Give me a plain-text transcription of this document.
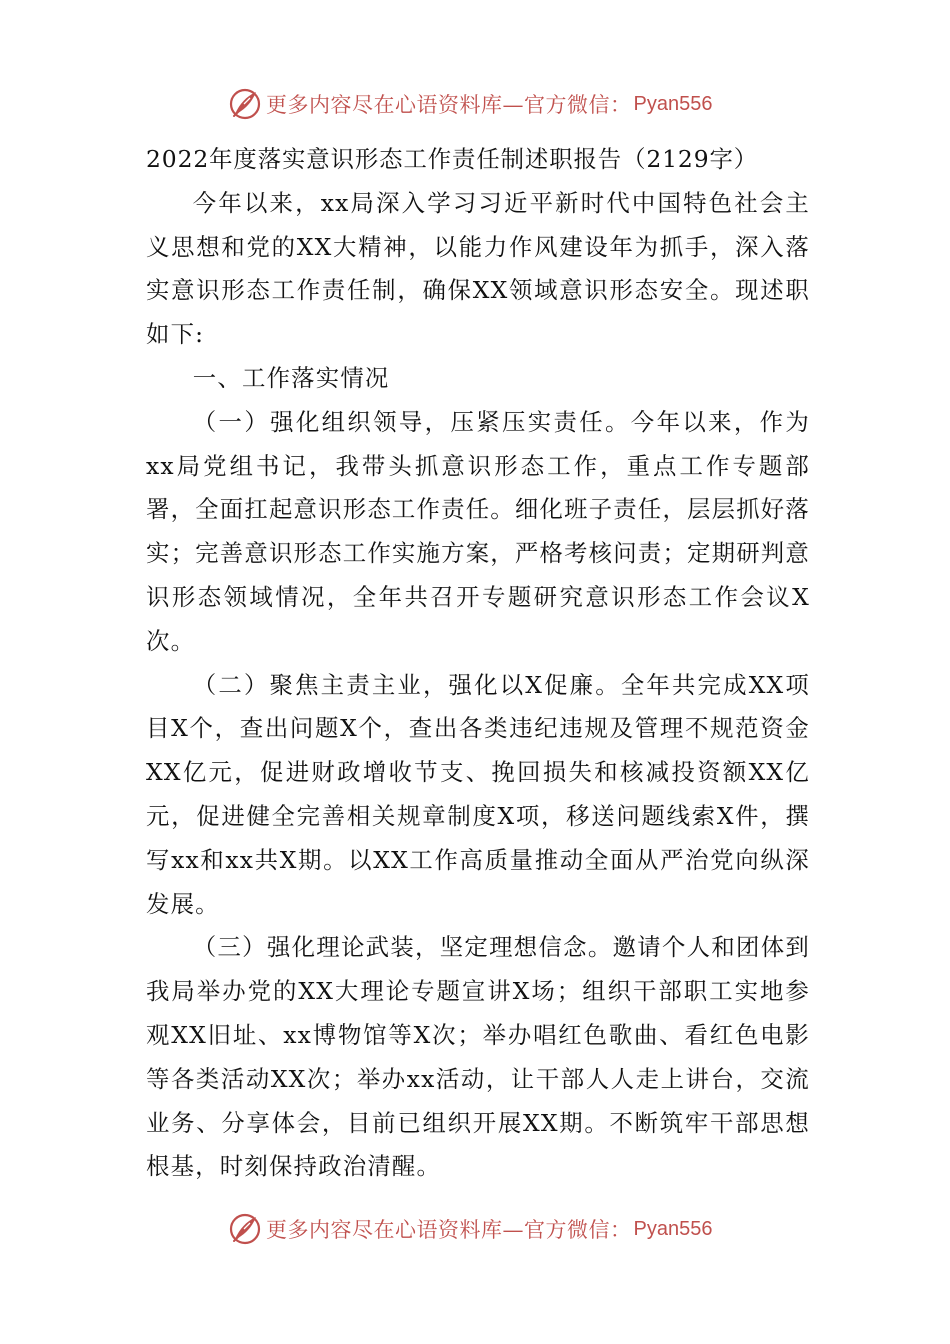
更多内容尽在心语资料库—官方微信： Pyan556

2022年度落实意识形态工作责任制述职报告（2129字）

今年以来，xx局深入学习习近平新时代中国特色社会主义思想和党的XX大精神，以能力作风建设年为抓手，深入落实意识形态工作责任制，确保XX领域意识形态安全。现述职如下:

一、工作落实情况

（一）强化组织领导，压紧压实责任。今年以来，作为xx局党组书记，我带头抓意识形态工作，重点工作专题部署，全面扛起意识形态工作责任。细化班子责任，层层抓好落实；完善意识形态工作实施方案，严格考核问责；定期研判意识形态领域情况，全年共召开专题研究意识形态工作会议X次。

（二）聚焦主责主业，强化以X促廉。全年共完成XX项目X个，查出问题X个，查出各类违纪违规及管理不规范资金XX亿元，促进财政增收节支、挽回损失和核减投资额XX亿元，促进健全完善相关规章制度X项，移送问题线索X件，撰写xx和xx共X期。以XX工作高质量推动全面从严治党向纵深发展。

（三）强化理论武装，坚定理想信念。邀请个人和团体到我局举办党的XX大理论专题宣讲X场；组织干部职工实地参观XX旧址、xx博物馆等X次；举办唱红色歌曲、看红色电影等各类活动XX次；举办xx活动，让干部人人走上讲台，交流业务、分享体会，目前已组织开展XX期。不断筑牢干部思想根基，时刻保持政治清醒。

更多内容尽在心语资料库—官方微信： Pyan556
